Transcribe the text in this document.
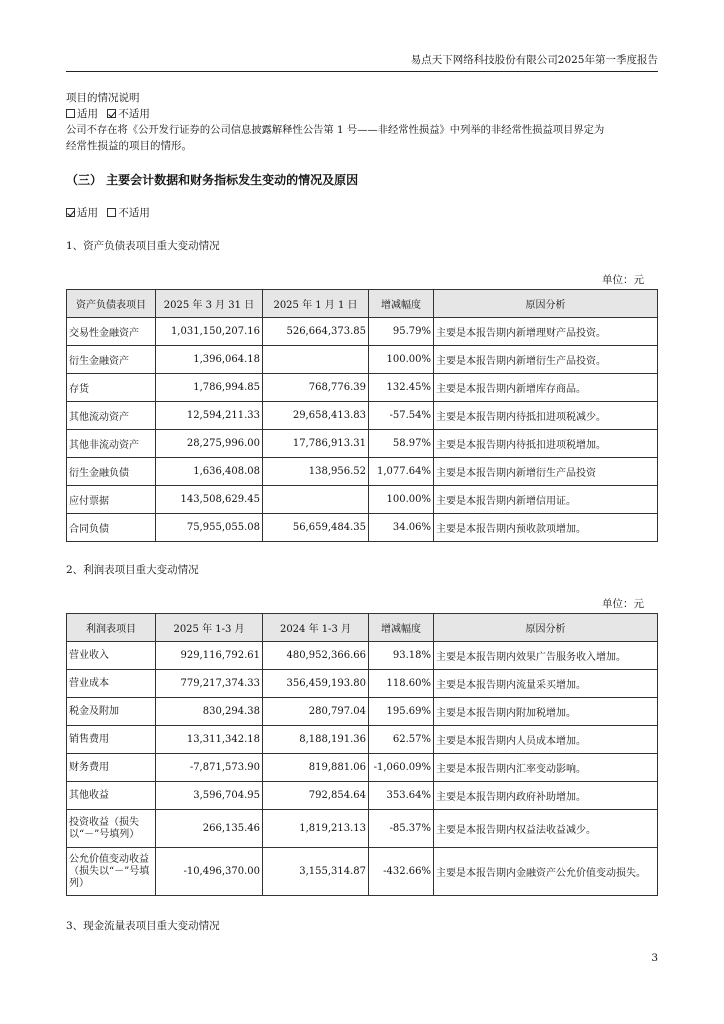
易点天下网络科技股份有限公司2025年第一季度报告
项目的情况说明
适用 不适用
公司不存在将《公开发行证券的公司信息披露解释性公告第 1 号——非经常性损益》中列举的非经常性损益项目界定为
经常性损益的项目的情形。
（三） 主要会计数据和财务指标发生变动的情况及原因
适用 不适用
1、资产负债表项目重大变动情况
单位：元
资产负债表项目	2025 年 3 月 31 日	2025 年 1 月 1 日	增减幅度	原因分析
交易性金融资产	1,031,150,207.16	526,664,373.85	95.79%	主要是本报告期内新增理财产品投资。
衍生金融资产	1,396,064.18		100.00%	主要是本报告期内新增衍生产品投资。
存货	1,786,994.85	768,776.39	132.45%	主要是本报告期内新增库存商品。
其他流动资产	12,594,211.33	29,658,413.83	-57.54%	主要是本报告期内待抵扣进项税减少。
其他非流动资产	28,275,996.00	17,786,913.31	58.97%	主要是本报告期内待抵扣进项税增加。
衍生金融负债	1,636,408.08	138,956.52	1,077.64%	主要是本报告期内新增衍生产品投资
应付票据	143,508,629.45		100.00%	主要是本报告期内新增信用证。
合同负债	75,955,055.08	56,659,484.35	34.06%	主要是本报告期内预收款项增加。
2、利润表项目重大变动情况
单位：元
利润表项目	2025 年 1-3 月	2024 年 1-3 月	增减幅度	原因分析
营业收入	929,116,792.61	480,952,366.66	93.18%	主要是本报告期内效果广告服务收入增加。
营业成本	779,217,374.33	356,459,193.80	118.60%	主要是本报告期内流量采买增加。
税金及附加	830,294.38	280,797.04	195.69%	主要是本报告期内附加税增加。
销售费用	13,311,342.18	8,188,191.36	62.57%	主要是本报告期内人员成本增加。
财务费用	-7,871,573.90	819,881.06	-1,060.09%	主要是本报告期内汇率变动影响。
其他收益	3,596,704.95	792,854.64	353.64%	主要是本报告期内政府补助增加。
投资收益（损失以“－”号填列）	266,135.46	1,819,213.13	-85.37%	主要是本报告期内权益法收益减少。
公允价值变动收益（损失以“－”号填列）	-10,496,370.00	3,155,314.87	-432.66%	主要是本报告期内金融资产公允价值变动损失。
3、现金流量表项目重大变动情况
3
